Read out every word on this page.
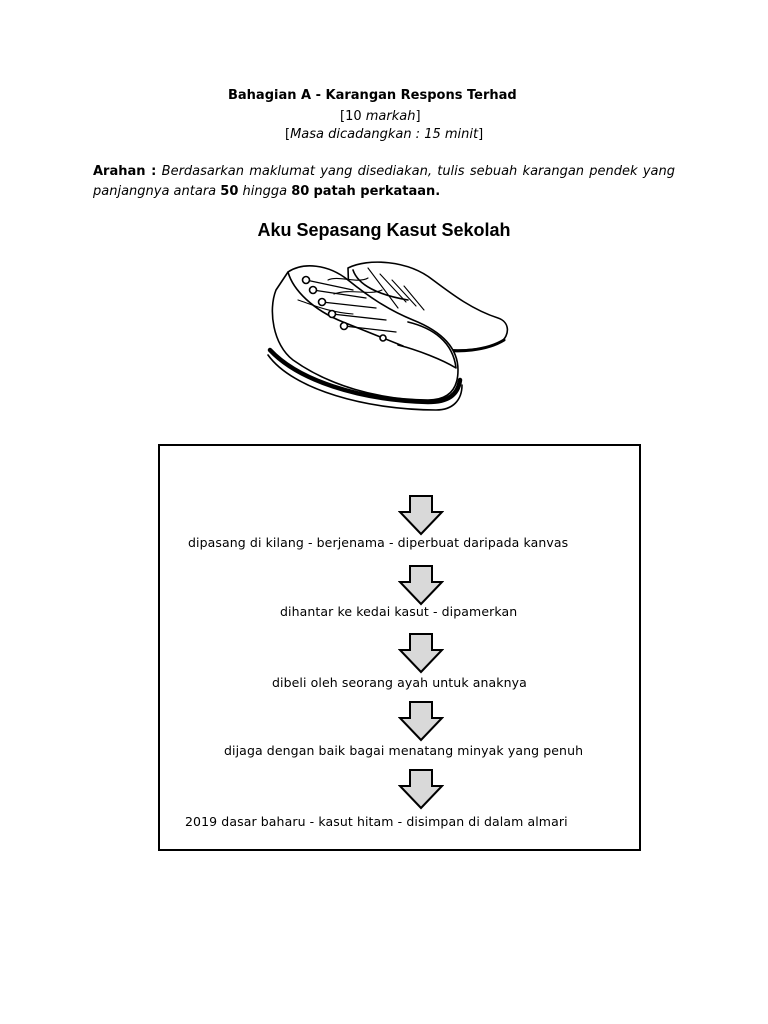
Bahagian A - Karangan Respons Terhad
[10 markah]
[Masa dicadangkan : 15 minit]
Arahan : Berdasarkan maklumat yang disediakan, tulis sebuah karangan pendek yang panjangnya antara 50 hingga 80 patah perkataan.
Aku Sepasang Kasut Sekolah
dipasang di kilang - berjenama - diperbuat daripada kanvas
dihantar ke kedai kasut - dipamerkan
dibeli oleh seorang ayah untuk anaknya
dijaga dengan baik bagai menatang minyak yang penuh
2019 dasar baharu - kasut hitam - disimpan di dalam almari
